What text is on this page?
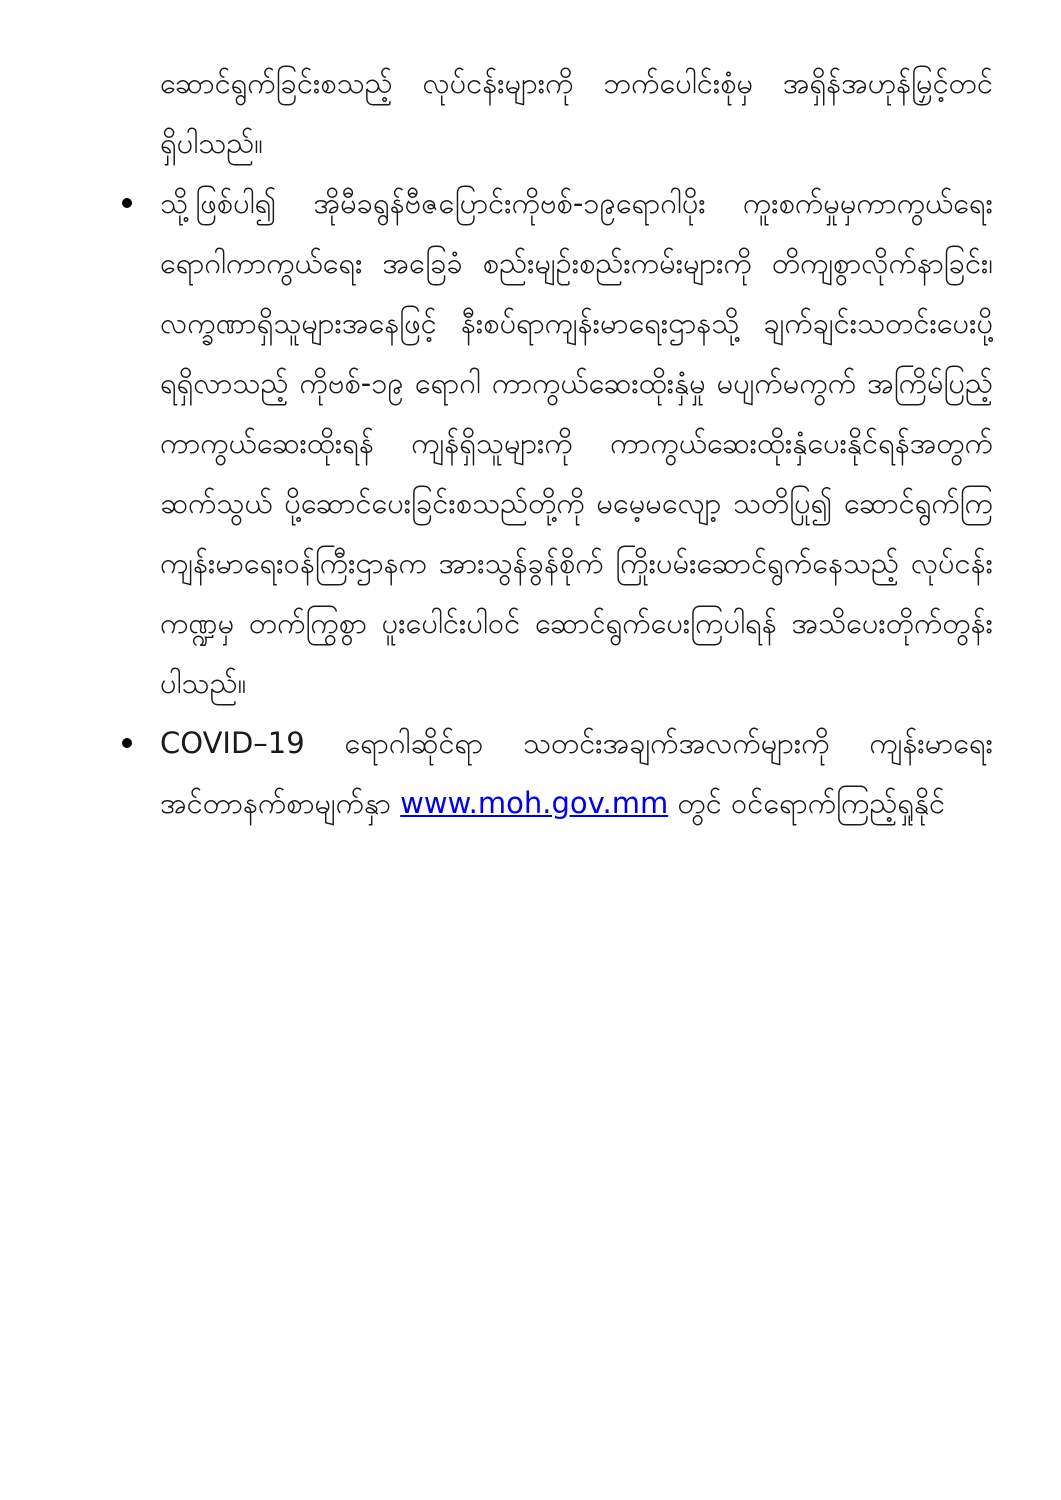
ဆောင်ရွက်ခြင်းစသည့် လုပ်ငန်းများကို ဘက်ပေါင်းစုံမှ အရှိန်အဟုန်မြှင့်တင်
ရှိပါသည်။
သို့ဖြစ်ပါ၍ အိုမီခရွန်ဗီဇပြောင်းကိုဗစ်-၁၉ရောဂါပိုး ကူးစက်မှုမှကာကွယ်ရေး
ရောဂါကာကွယ်ရေး အခြေခံ စည်းမျဉ်းစည်းကမ်းများကို တိကျစွာလိုက်နာခြင်း၊
လက္ခဏာရှိသူများအနေဖြင့် နီးစပ်ရာကျန်းမာရေးဌာနသို့ ချက်ချင်းသတင်းပေးပို့
ရရှိလာသည့် ကိုဗစ်-၁၉ ရောဂါ ကာကွယ်ဆေးထိုးနှံမှု မပျက်မကွက် အကြိမ်ပြည့်
ကာကွယ်ဆေးထိုးရန် ကျန်ရှိသူများကို ကာကွယ်ဆေးထိုးနှံပေးနိုင်ရန်အတွက်
ဆက်သွယ် ပို့ဆောင်ပေးခြင်းစသည်တို့ကို မမေ့မလျော့ သတိပြု၍ ဆောင်ရွက်ကြ
ကျန်းမာရေးဝန်ကြီးဌာနက အားသွန်ခွန်စိုက် ကြိုးပမ်းဆောင်ရွက်နေသည့် လုပ်ငန်း
ကဏ္ဍမှ တက်ကြွစွာ ပူးပေါင်းပါဝင် ဆောင်ရွက်ပေးကြပါရန် အသိပေးတိုက်တွန်း
ပါသည်။
COVID–19 ရောဂါဆိုင်ရာ သတင်းအချက်အလက်များကို ကျန်းမာရေး
အင်တာနက်စာမျက်နှာ www.moh.gov.mm တွင် ဝင်ရောက်ကြည့်ရှုနိုင်
